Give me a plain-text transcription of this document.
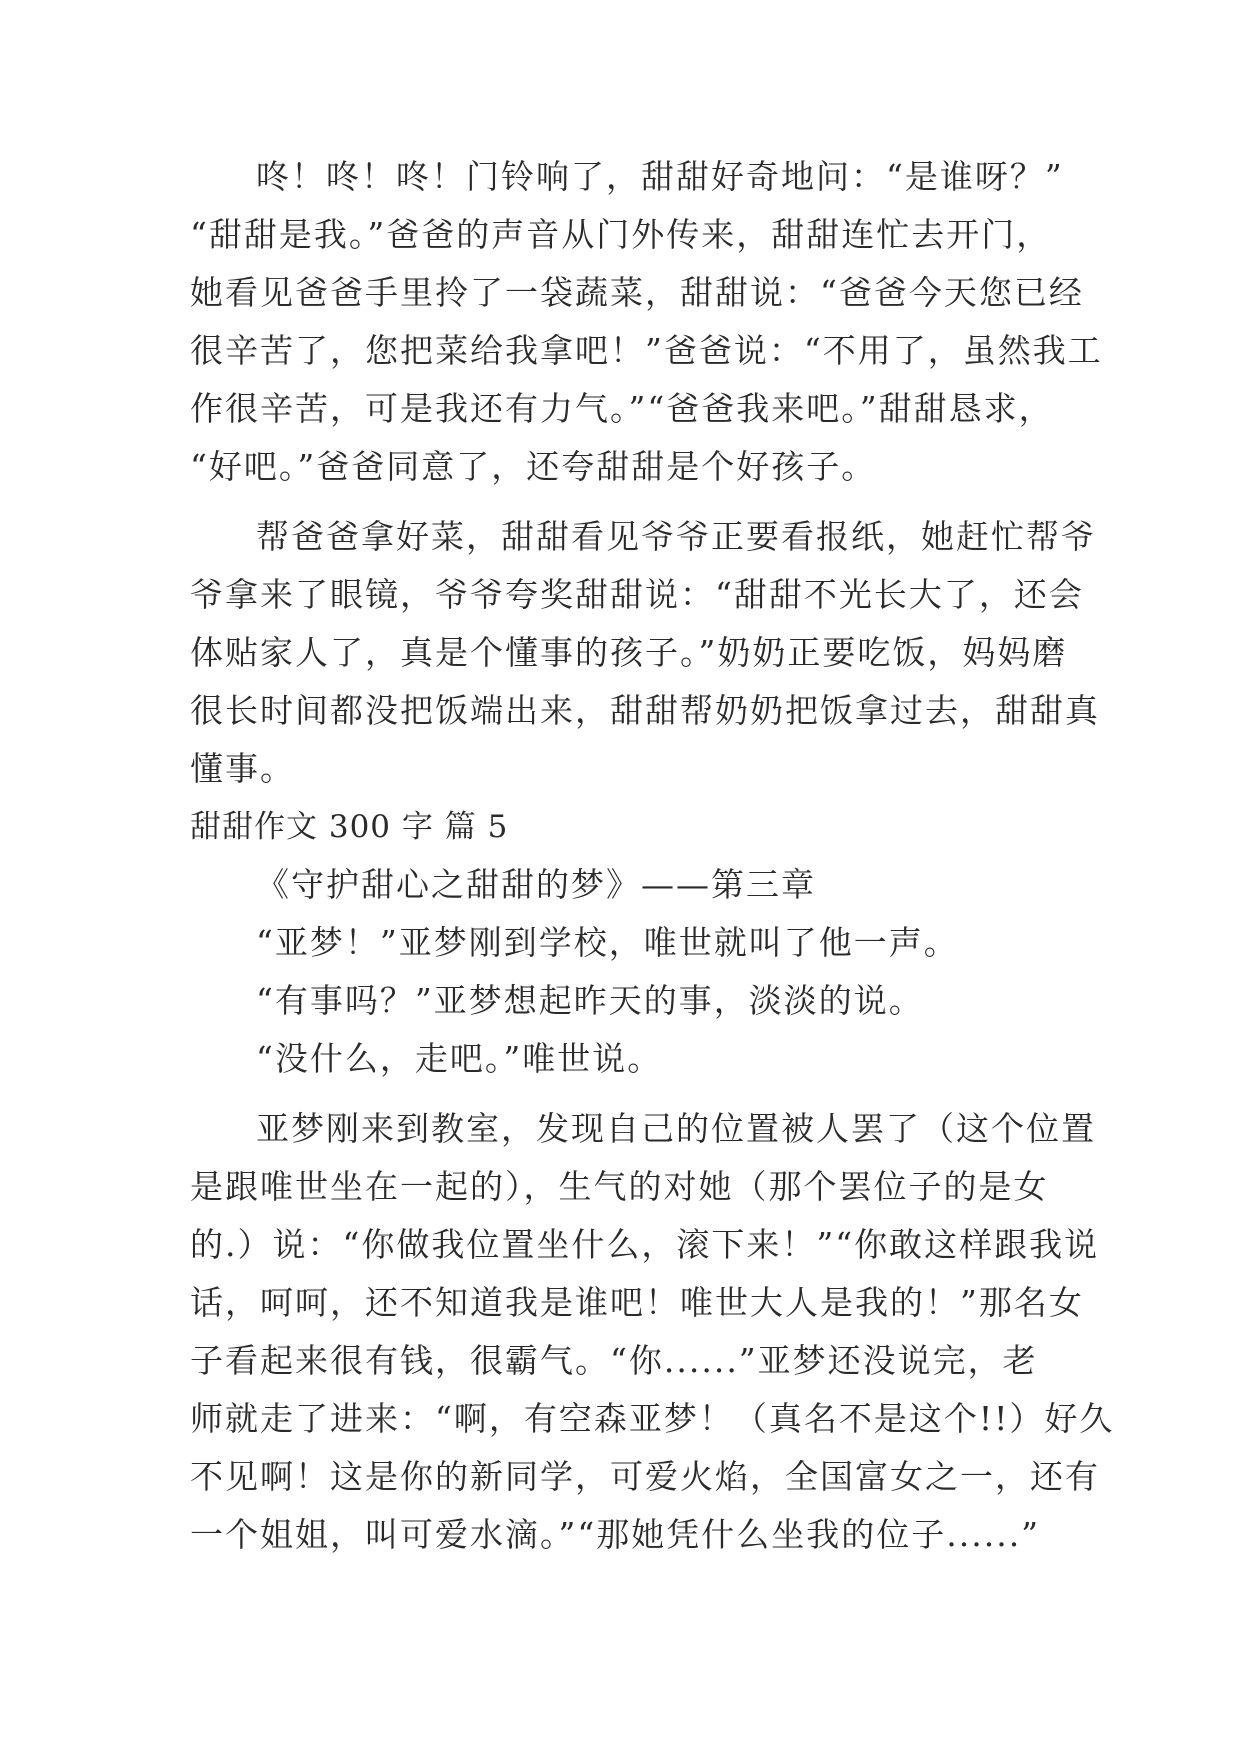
咚！咚！咚！门铃响了，甜甜好奇地问：“是谁呀？”
“甜甜是我。”爸爸的声音从门外传来，甜甜连忙去开门，
她看见爸爸手里拎了一袋蔬菜，甜甜说：“爸爸今天您已经
很辛苦了，您把菜给我拿吧！”爸爸说：“不用了，虽然我工
作很辛苦，可是我还有力气。”“爸爸我来吧。”甜甜恳求，
“好吧。”爸爸同意了，还夸甜甜是个好孩子。
帮爸爸拿好菜，甜甜看见爷爷正要看报纸，她赶忙帮爷
爷拿来了眼镜，爷爷夸奖甜甜说：“甜甜不光长大了，还会
体贴家人了，真是个懂事的孩子。”奶奶正要吃饭，妈妈磨
很长时间都没把饭端出来，甜甜帮奶奶把饭拿过去，甜甜真
懂事。
甜甜作文 300 字 篇 5
《守护甜心之甜甜的梦》——第三章
“亚梦！”亚梦刚到学校，唯世就叫了他一声。
“有事吗？”亚梦想起昨天的事，淡淡的说。
“没什么，走吧。”唯世说。
亚梦刚来到教室，发现自己的位置被人罢了（这个位置
是跟唯世坐在一起的），生气的对她（那个罢位子的是女
的.）说：“你做我位置坐什么，滚下来！”“你敢这样跟我说
话，呵呵，还不知道我是谁吧！唯世大人是我的！”那名女
子看起来很有钱，很霸气。“你......”亚梦还没说完，老
师就走了进来：“啊，有空森亚梦！（真名不是这个!!）好久
不见啊！这是你的新同学，可爱火焰，全国富女之一，还有
一个姐姐，叫可爱水滴。”“那她凭什么坐我的位子......”
